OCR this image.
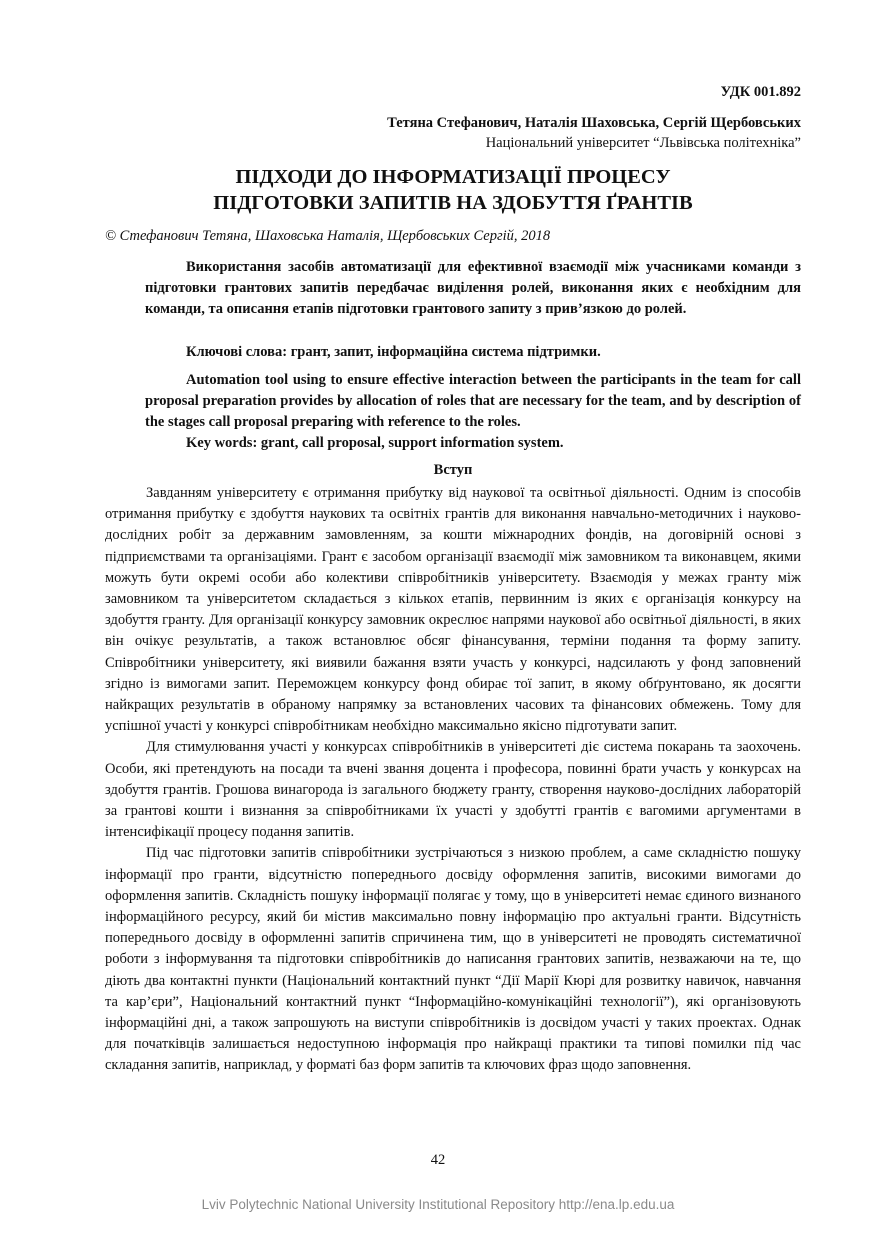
УДК 001.892
Тетяна Стефанович, Наталія Шаховська, Сергій Щербовських
Національний університет “Львівська політехніка”
ПІДХОДИ ДО ІНФОРМАТИЗАЦІЇ ПРОЦЕСУ
ПІДГОТОВКИ ЗАПИТІВ НА ЗДОБУТТЯ ҐРАНТІВ
© Стефанович Тетяна, Шаховська Наталія, Щербовських Сергій, 2018

Використання засобів автоматизації для ефективної взаємодії між учасниками команди з підготовки грантових запитів передбачає виділення ролей, виконання яких є необхідним для команди, та описання етапів підготовки грантового запиту з прив’язкою до ролей.

Ключові слова: грант, запит, інформаційна система підтримки.

Automation tool using to ensure effective interaction between the participants in the team for call proposal preparation provides by allocation of roles that are necessary for the team, and by description of the stages call proposal preparing with reference to the roles.

Key words: grant, call proposal, support information system.

Вступ

Завданням університету є отримання прибутку від наукової та освітньої діяльності. Одним із способів отримання прибутку є здобуття наукових та освітніх грантів для виконання навчально-методичних і науково-дослідних робіт за державним замовленням, за кошти міжнародних фондів, на договірній основі з підприємствами та організаціями. Грант є засобом організації взаємодії між замовником та виконавцем, якими можуть бути окремі особи або колективи співробітників університету. Взаємодія у межах гранту між замовником та університетом складається з кількох етапів, первинним із яких є організація конкурсу на здобуття гранту. Для організації конкурсу замовник окреслює напрями наукової або освітньої діяльності, в яких він очікує результатів, а також встановлює обсяг фінансування, терміни подання та форму запиту. Співробітники університету, які виявили бажання взяти участь у конкурсі, надсилають у фонд заповнений згідно із вимогами запит. Переможцем конкурсу фонд обирає тої запит, в якому обґрунтовано, як досягти найкращих результатів в обраному напрямку за встановлених часових та фінансових обмежень. Тому для успішної участі у конкурсі співробітникам необхідно максимально якісно підготувати запит.

Для стимулювання участі у конкурсах співробітників в університеті діє система покарань та заохочень. Особи, які претендують на посади та вчені звання доцента і професора, повинні брати участь у конкурсах на здобуття грантів. Грошова винагорода із загального бюджету гранту, створення науково-дослідних лабораторій за грантові кошти і визнання за співробітниками їх участі у здобутті грантів є вагомими аргументами в інтенсифікації процесу подання запитів.

Під час підготовки запитів співробітники зустрічаються з низкою проблем, а саме складністю пошуку інформації про гранти, відсутністю попереднього досвіду оформлення запитів, високими вимогами до оформлення запитів. Складність пошуку інформації полягає у тому, що в університеті немає єдиного визнаного інформаційного ресурсу, який би містив максимально повну інформацію про актуальні гранти. Відсутність попереднього досвіду в оформленні запитів спричинена тим, що в університеті не проводять систематичної роботи з інформування та підготовки співробітників до написання грантових запитів, незважаючи на те, що діють два контактні пункти (Національний контактний пункт “Дії Марії Кюрі для розвитку навичок, навчання та кар’єри”, Національний контактний пункт “Інформаційно-комунікаційні технології”), які організовують інформаційні дні, а також запрошують на виступи співробітників із досвідом участі у таких проектах. Однак для початківців залишається недоступною інформація про найкращі практики та типові помилки під час складання запитів, наприклад, у форматі баз форм запитів та ключових фраз щодо заповнення.

42
Lviv Polytechnic National University Institutional Repository http://ena.lp.edu.ua
